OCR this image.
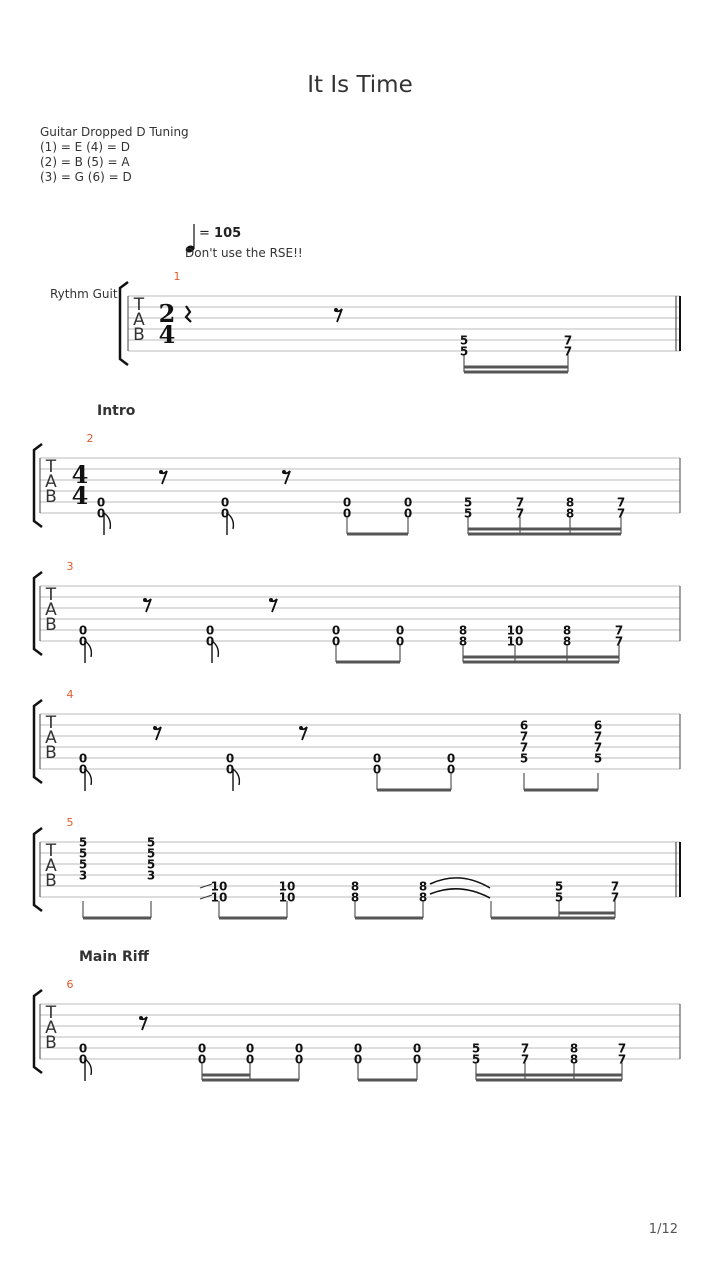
It Is Time
Guitar Dropped D Tuning
(1) = E (4) = D
(2) = B (5) = A
(3) = G (6) = D
= 105
Don't use the RSE!!
Rythm Guit
Intro
Main Riff
T
A
B
1
5
5
7
7
T
A
B
2
0
0
0
0
0
0
0
0
5
5
7
7
8
8
7
7
T
A
B
3
0
0
0
0
0
0
0
0
8
8
10
10
8
8
7
7
T
A
B
4
0
0
0
0
0
0
0
0
6
7
7
5
6
7
7
5
T
A
B
5
5
5
5
3
5
5
5
3
10
10
10
10
8
8
8
8
5
5
7
7
T
A
B
6
0
0
0
0
0
0
0
0
0
0
0
0
5
5
7
7
8
8
7
7
2
4
4
4
1/12
